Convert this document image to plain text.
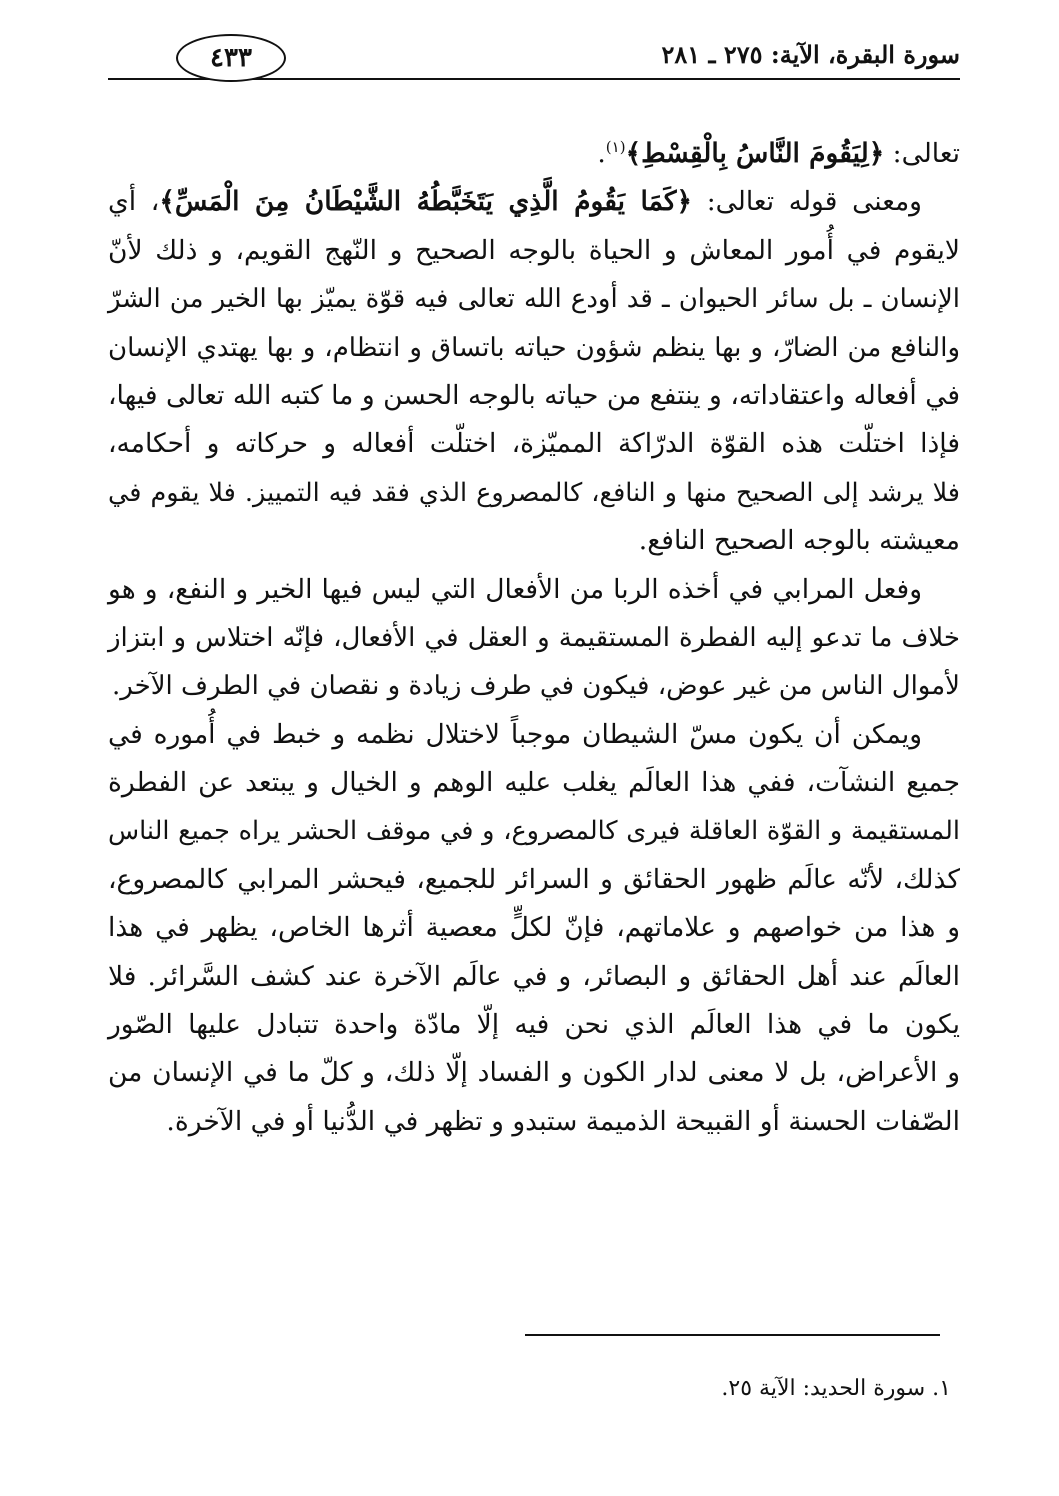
سورة البقرة، الآية: ٢٧٥ ـ ٢٨١
٤٣٣
تعالى: ﴿لِيَقُومَ النَّاسُ بِالْقِسْطِ﴾$^{(١)}$.
ومعنى قوله تعالى: ﴿كَمَا يَقُومُ الَّذِي يَتَخَبَّطُهُ الشَّيْطَانُ مِنَ الْمَسِّ﴾، أي
لايقوم في أُمور المعاش و الحياة بالوجه الصحيح و النّهج القويم، و ذلك لأنّ
الإنسان ـ بل سائر الحيوان ـ قد أودع الله تعالى فيه قوّة يميّز بها الخير من الشرّ
والنافع من الضارّ، و بها ينظم شؤون حياته باتساق و انتظام، و بها يهتدي الإنسان
في أفعاله واعتقاداته، و ينتفع من حياته بالوجه الحسن و ما كتبه الله تعالى فيها،
فإذا اختلّت هذه القوّة الدرّاكة المميّزة، اختلّت أفعاله و حركاته و أحكامه،
فلا يرشد إلى الصحيح منها و النافع، كالمصروع الذي فقد فيه التمييز. فلا يقوم في
معيشته بالوجه الصحيح النافع.
وفعل المرابي في أخذه الربا من الأفعال التي ليس فيها الخير و النفع، و هو
خلاف ما تدعو إليه الفطرة المستقيمة و العقل في الأفعال، فإنّه اختلاس و ابتزاز
لأموال الناس من غير عوض، فيكون في طرف زيادة و نقصان في الطرف الآخر.
ويمكن أن يكون مسّ الشيطان موجباً لاختلال نظمه و خبط في أُموره في
جميع النشآت، ففي هذا العالَم يغلب عليه الوهم و الخيال و يبتعد عن الفطرة
المستقيمة و القوّة العاقلة فيرى كالمصروع، و في موقف الحشر يراه جميع الناس
كذلك، لأنّه عالَم ظهور الحقائق و السرائر للجميع، فيحشر المرابي كالمصروع،
و هذا من خواصهم و علاماتهم، فإنّ لكلٍّ معصية أثرها الخاص، يظهر في هذا
العالَم عند أهل الحقائق و البصائر، و في عالَم الآخرة عند كشف السَّرائر. فلا
يكون ما في هذا العالَم الذي نحن فيه إلّا مادّة واحدة تتبادل عليها الصّور
و الأعراض، بل لا معنى لدار الكون و الفساد إلّا ذلك، و كلّ ما في الإنسان من
الصّفات الحسنة أو القبيحة الذميمة ستبدو و تظهر في الدُّنيا أو في الآخرة.
١. سورة الحديد: الآية ٢٥.
